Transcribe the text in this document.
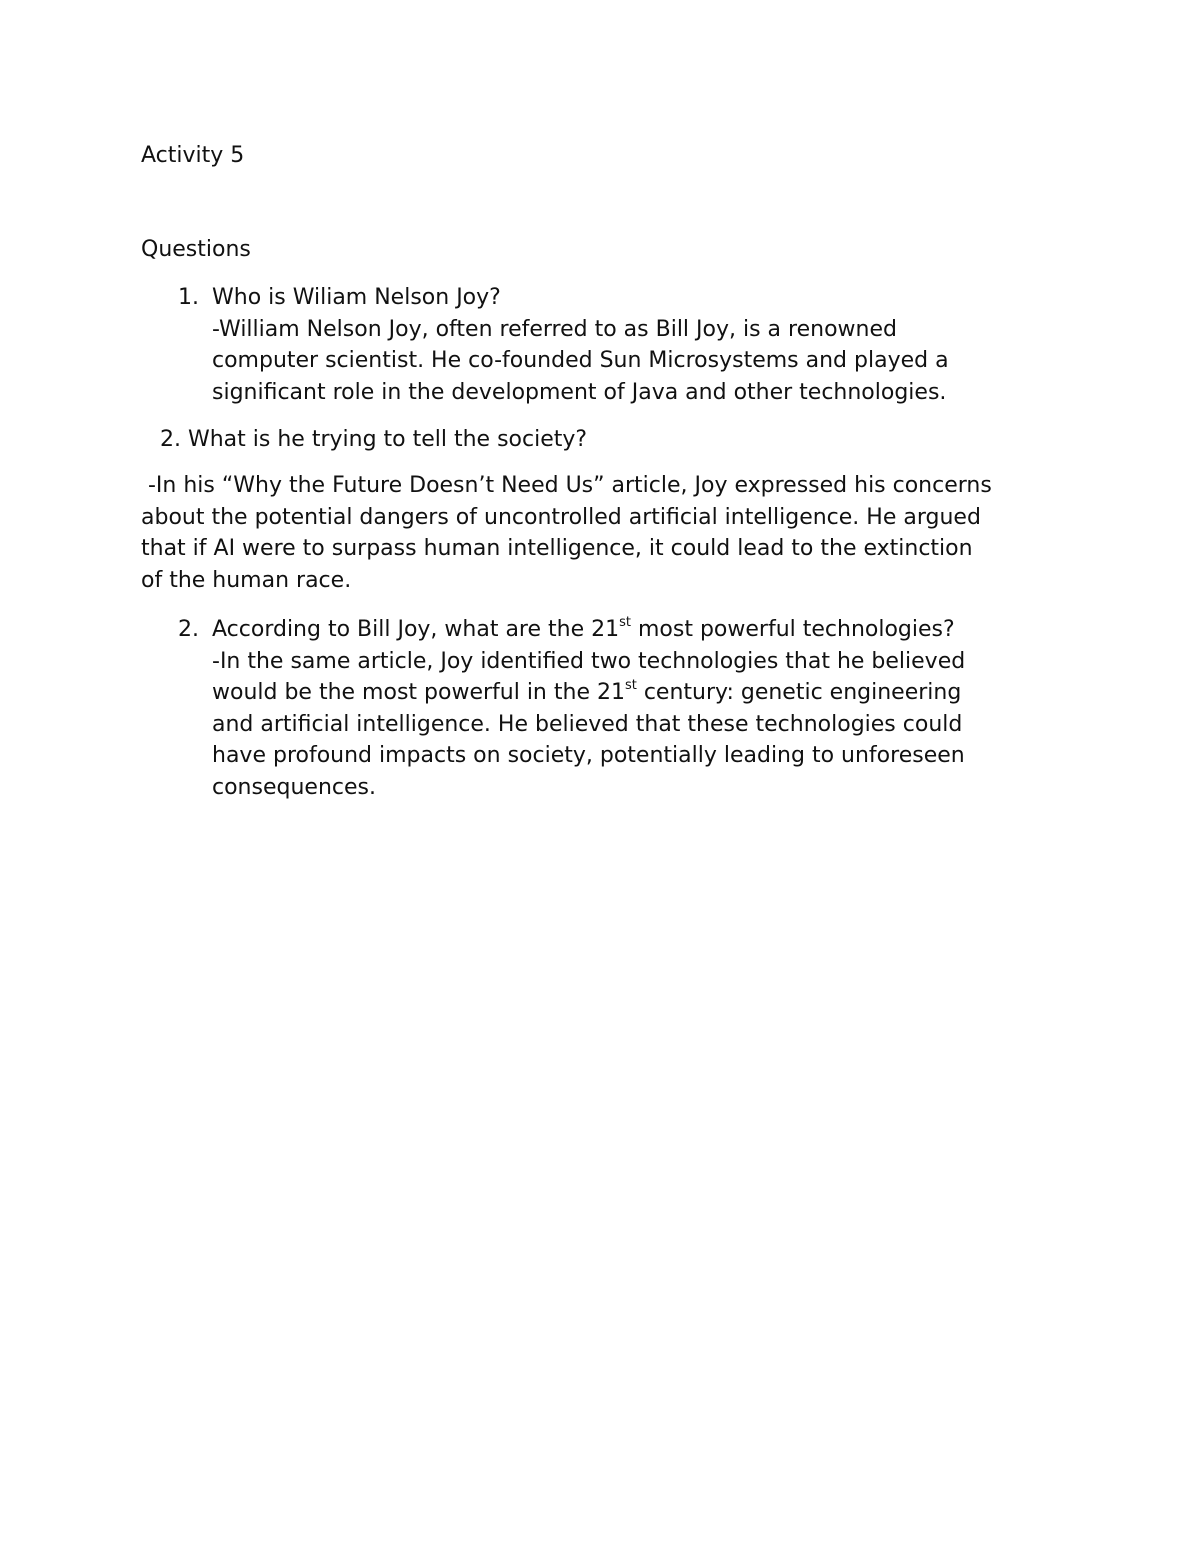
Activity 5
Questions
1. Who is Wiliam Nelson Joy?
-William Nelson Joy, often referred to as Bill Joy, is a renowned
computer scientist. He co-founded Sun Microsystems and played a
significant role in the development of Java and other technologies.
2. What is he trying to tell the society?
-In his “Why the Future Doesn’t Need Us” article, Joy expressed his concerns
about the potential dangers of uncontrolled artificial intelligence. He argued
that if AI were to surpass human intelligence, it could lead to the extinction
of the human race.
2. According to Bill Joy, what are the 21st most powerful technologies?
-In the same article, Joy identified two technologies that he believed
would be the most powerful in the 21st century: genetic engineering
and artificial intelligence. He believed that these technologies could
have profound impacts on society, potentially leading to unforeseen
consequences.
